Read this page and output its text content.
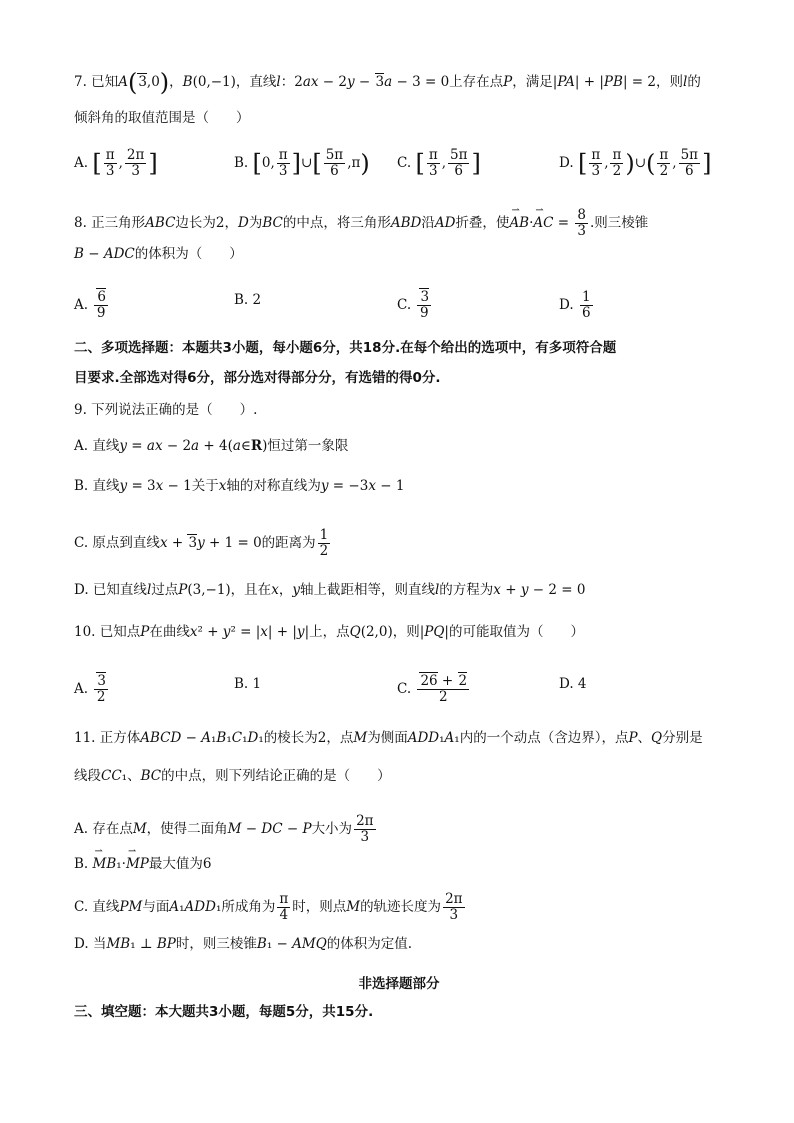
7. 已知A(3,0)，B(0,−1)，直线l：2ax − 2y − 3a − 3 = 0上存在点P，满足|PA| + |PB| = 2，则l的
倾斜角的取值范围是（　　）
A. [ $\frac{\pi}{3}$ , $\frac{2\pi}{3}$ ]	B. [0, $\frac{\pi}{3}$ ]∪[ $\frac{5\pi}{6} ,\pi$) C. [ $\frac{\pi}{3}$ , $\frac{5\pi}{6}$ ]	D. [ $\frac{\pi}{3}$ , $\frac{\pi}{2}$ )∪( $\frac{\pi}{2}$ , $\frac{5\pi}{6}$ ]
8. 正三角形ABC边长为2，D为BC的中点，将三角形ABD沿AD折叠，使⇀ AB·⇀ AC = $\frac{8}{3}$ .则三棱锥
B − ADC的体积为（　　）
A. $\frac{6}{9}$	B. 2	C. $\frac{3}{9}$	D. $\frac{1}{6}$
二、多项选择题：本题共3小题，每小题6分，共18分.在每个给出的选项中，有多项符合题
目要求.全部选对得6分，部分选对得部分分，有选错的得0分.
9. 下列说法正确的是（　　）.
A. 直线y = ax − 2a + 4(a∈R)恒过第一象限
B. 直线y = 3x − 1关于x轴的对称直线为y = −3x − 1
C. 原点到直线x + 3y + 1 = 0的距离为 $\frac{1}{2}$
D. 已知直线l过点P(3,−1)，且在x，y轴上截距相等，则直线l的方程为x + y − 2 = 0
10. 已知点P在曲线x² + y² = |x| + |y|上，点Q(2,0)，则|PQ|的可能取值为（　　）
A. $\frac{3}{2}$	B. 1	C. $\frac{26 + 2}{2}$	D. 4
11. 正方体ABCD − A₁B₁C₁D₁的棱长为2，点M为侧面ADD₁A₁内的一个动点（含边界），点P、Q分别是
线段CC₁、BC的中点，则下列结论正确的是（　　）
A. 存在点M，使得二面角M − DC − P大小为 $\frac{2\pi}{3}$
B. ⇀ MB₁·⇀ MP最大值为6
C. 直线PM与面A₁ADD₁所成角为 $\frac{\pi}{4}$ 时，则点M的轨迹长度为 $\frac{2\pi}{3}$
D. 当MB₁ ⊥ BP时，则三棱锥B₁ − AMQ的体积为定值.
非选择题部分
三、填空题：本大题共3小题，每题5分，共15分.
